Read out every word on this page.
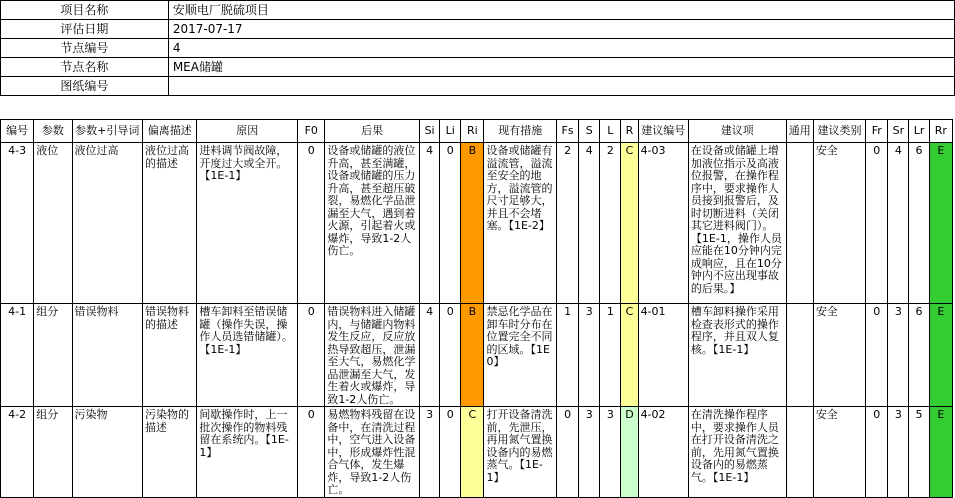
项目名称	安顺电厂脱硫项目
评估日期	2017-07-17
节点编号	4
节点名称	MEA储罐
图纸编号	
编号	参数	参数+引导词	偏离描述	原因	F0	后果	Si	Li	Ri	现有措施	Fs	S	L	R	建议编号	建议项	通用	建议类别	Fr	Sr	Lr	Rr
4-3	液位	液位过高	液位过高的描述	进料调节阀故障，开度过大或全开。【1E-1】	0	设备或储罐的液位升高，甚至满罐，设备或储罐的压力升高，甚至超压破裂，易燃化学品泄漏至大气，遇到着火源，引起着火或爆炸，导致1-2人伤亡。	4	0	B	设备或储罐有溢流管，溢流至安全的地方，溢流管的尺寸足够大，并且不会堵塞。【1E-2】	2	4	2	C	4-03	在设备或储罐上增加液位指示及高液位报警，在操作程序中，要求操作人员接到报警后，及时切断进料（关闭其它进料阀门）。【1E-1，操作人员应能在10分钟内完成响应，且在10分钟内不应出现事故的后果。】		安全	0	4	6	E
4-1	组分	错误物料	错误物料的描述	槽车卸料至错误储罐（操作失误，操作人员选错储罐）。【1E-1】	0	错误物料进入储罐内，与储罐内物料发生反应，反应放热导致超压，泄漏至大气，易燃化学品泄漏至大气，发生着火或爆炸，导致1-2人伤亡。	4	0	B	禁忌化学品在卸车时分布在位置完全不同的区域。【1E0】	1	3	1	C	4-01	槽车卸料操作采用检查表形式的操作程序，并且双人复核。【1E-1】		安全	0	3	6	E
4-2	组分	污染物	污染物的描述	间歇操作时，上一批次操作的物料残留在系统内。【1E-1】	0	易燃物料残留在设备中，在清洗过程中，空气进入设备中，形成爆炸性混合气体，发生爆炸，导致1-2人伤亡。	3	0	C	打开设备清洗前，先泄压，再用氮气置换设备内的易燃蒸气。【1E-1】	0	3	3	D	4-02	在清洗操作程序中，要求操作人员在打开设备清洗之前，先用氮气置换设备内的易燃蒸气。【1E-1】		安全	0	3	5	E
